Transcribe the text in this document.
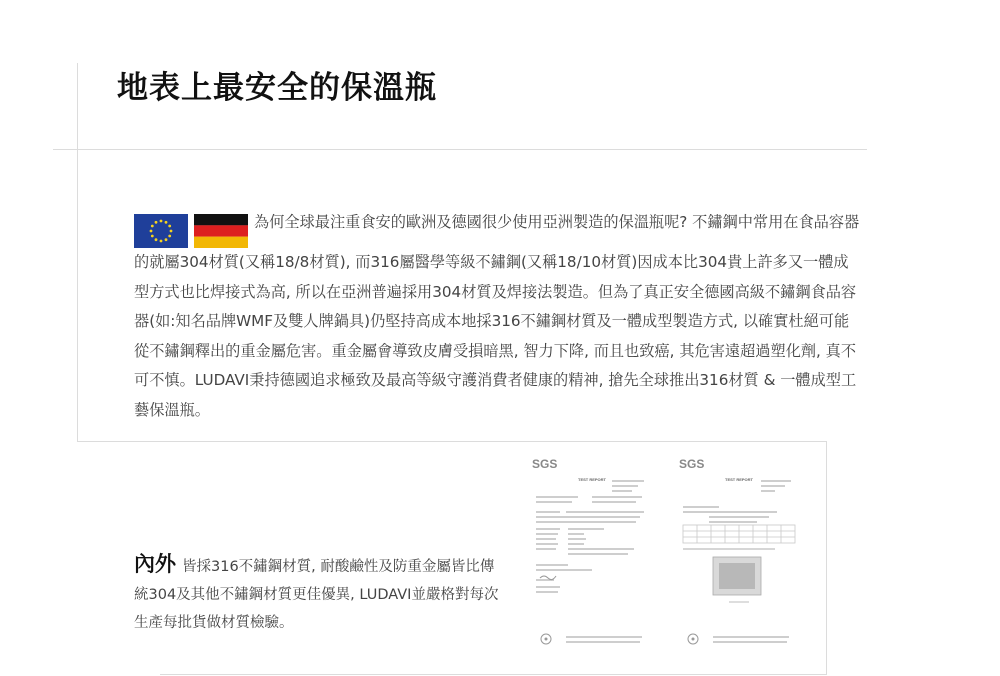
地表上最安全的保溫瓶

為何全球最注重食安的歐洲及德國很少使用亞洲製造的保溫瓶呢? 不鏽鋼中常用在食品容器的就屬304材質(又稱18/8材質), 而316屬醫學等級不鏽鋼(又稱18/10材質)因成本比304貴上許多又一體成型方式也比焊接式為高, 所以在亞洲普遍採用304材質及焊接法製造。但為了真正安全德國高級不鏽鋼食品容器(如:知名品牌WMF及雙人牌鍋具)仍堅持高成本地採316不鏽鋼材質及一體成型製造方式, 以確實杜絕可能從不鏽鋼釋出的重金屬危害。重金屬會導致皮膚受損暗黑, 智力下降, 而且也致癌, 其危害遠超過塑化劑, 真不可不慎。LUDAVI秉持德國追求極致及最高等級守護消費者健康的精神, 搶先全球推出316材質 & 一體成型工藝保溫瓶。

內外 皆採316不鏽鋼材質, 耐酸鹼性及防重金屬皆比傳統304及其他不鏽鋼材質更佳優異, LUDAVI並嚴格對每次生產每批貨做材質檢驗。
SGS
TEST REPORT
SGS
TEST REPORT
